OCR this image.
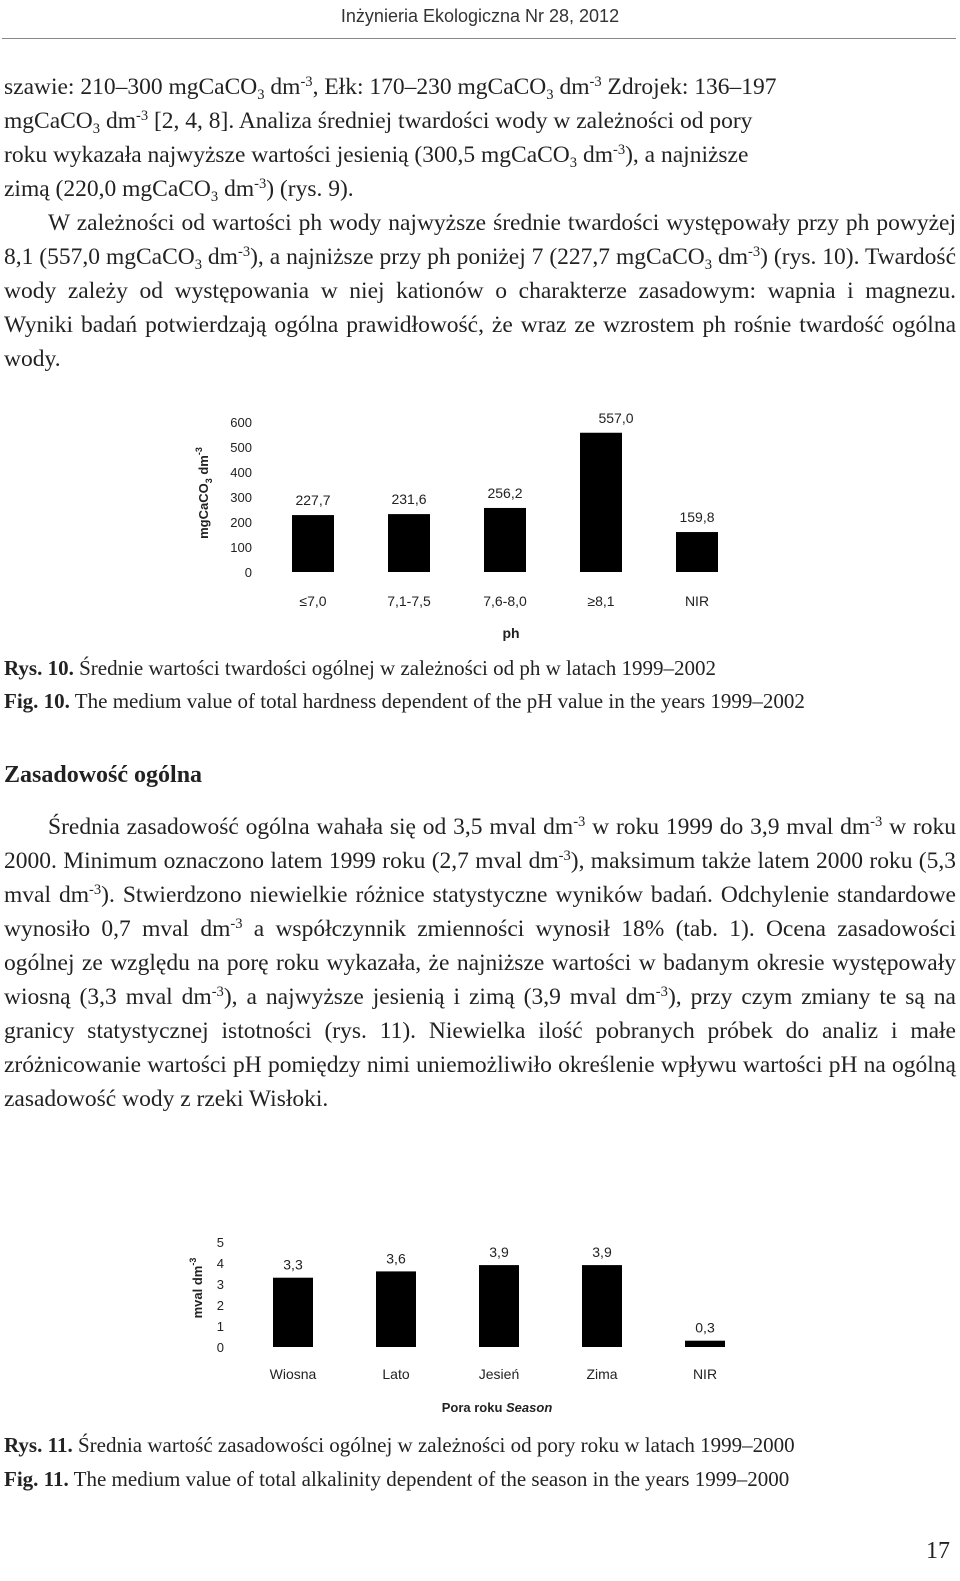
Inżynieria Ekologiczna Nr 28, 2012
szawie: 210–300 mgCaCO$_3$ $dm^{-3}$, Ełk: 170–230 mgCaCO$_3$ $dm^{-3}$ Zdrojek: 136–197
mgCaCO$_3$ $dm^{-3}$ [2, 4, 8]. Analiza średniej twardości wody w zależności od pory
roku wykazała najwyższe wartości jesienią (300,5 mgCaCO$_3$ $dm^{-3}$), a najniższe
zimą (220,0 mgCaCO$_3$ $dm^{-3}$) (rys. 9).

W zależności od wartości ph wody najwyższe średnie twardości występowały przy ph powyżej 8,1 (557,0 mgCaCO$_3$ $dm^{-3}$), a najniższe przy ph poniżej 7 (227,7 mgCaCO$_3$ $dm^{-3}$) (rys. 10). Twardość wody zależy od występowania w niej kationów o charakterze zasadowym: wapnia i magnezu. Wyniki badań potwierdzają ogólna prawidłowość, że wraz ze wzrostem ph rośnie twardość ogólna wody.

mgCaCO$_3$ $dm^{-3}$
0
100
200
300
400
500
600
227,7	231,6	256,2
557,0
159,8
≤7,0	7,1-7,5	7,6-8,0	≥8,1	NIR
ph
Rys. 10. Średnie wartości twardości ogólnej w zależności od ph w latach 1999–2002
Fig. 10. The medium value of total hardness dependent of the pH value in the years 1999–2002
Zasadowość ogólna

Średnia zasadowość ogólna wahała się od 3,5 mval $dm^{-3}$ w roku 1999 do 3,9 mval $dm^{-3}$ w roku 2000. Minimum oznaczono latem 1999 roku (2,7 mval $dm^{-3}$), maksimum także latem 2000 roku (5,3 mval $dm^{-3}$). Stwierdzono niewielkie różnice statystyczne wyników badań. Odchylenie standardowe wynosiło 0,7 mval $dm^{-3}$ a współczynnik zmienności wynosił 18% (tab. 1). Ocena zasadowości ogólnej ze względu na porę roku wykazała, że najniższe wartości w badanym okresie występowały wiosną (3,3 mval $dm^{-3}$), a najwyższe jesienią i zimą (3,9 mval $dm^{-3}$), przy czym zmiany te są na granicy statystycznej istotności (rys. 11). Niewielka ilość pobranych próbek do analiz i małe zróżnicowanie wartości pH pomiędzy nimi uniemożliwiło określenie wpływu wartości pH na ogólną zasadowość wody z rzeki Wisłoki.

mval $dm^{-3}$
0
1
2
3
4
5
3,3	3,6	3,9	3,9
0,3
Wiosna	Lato	Jesień	Zima	NIR
Pora roku Season
Rys. 11. Średnia wartość zasadowości ogólnej w zależności od pory roku w latach 1999–2000
Fig. 11. The medium value of total alkalinity dependent of the season in the years 1999–2000
17
